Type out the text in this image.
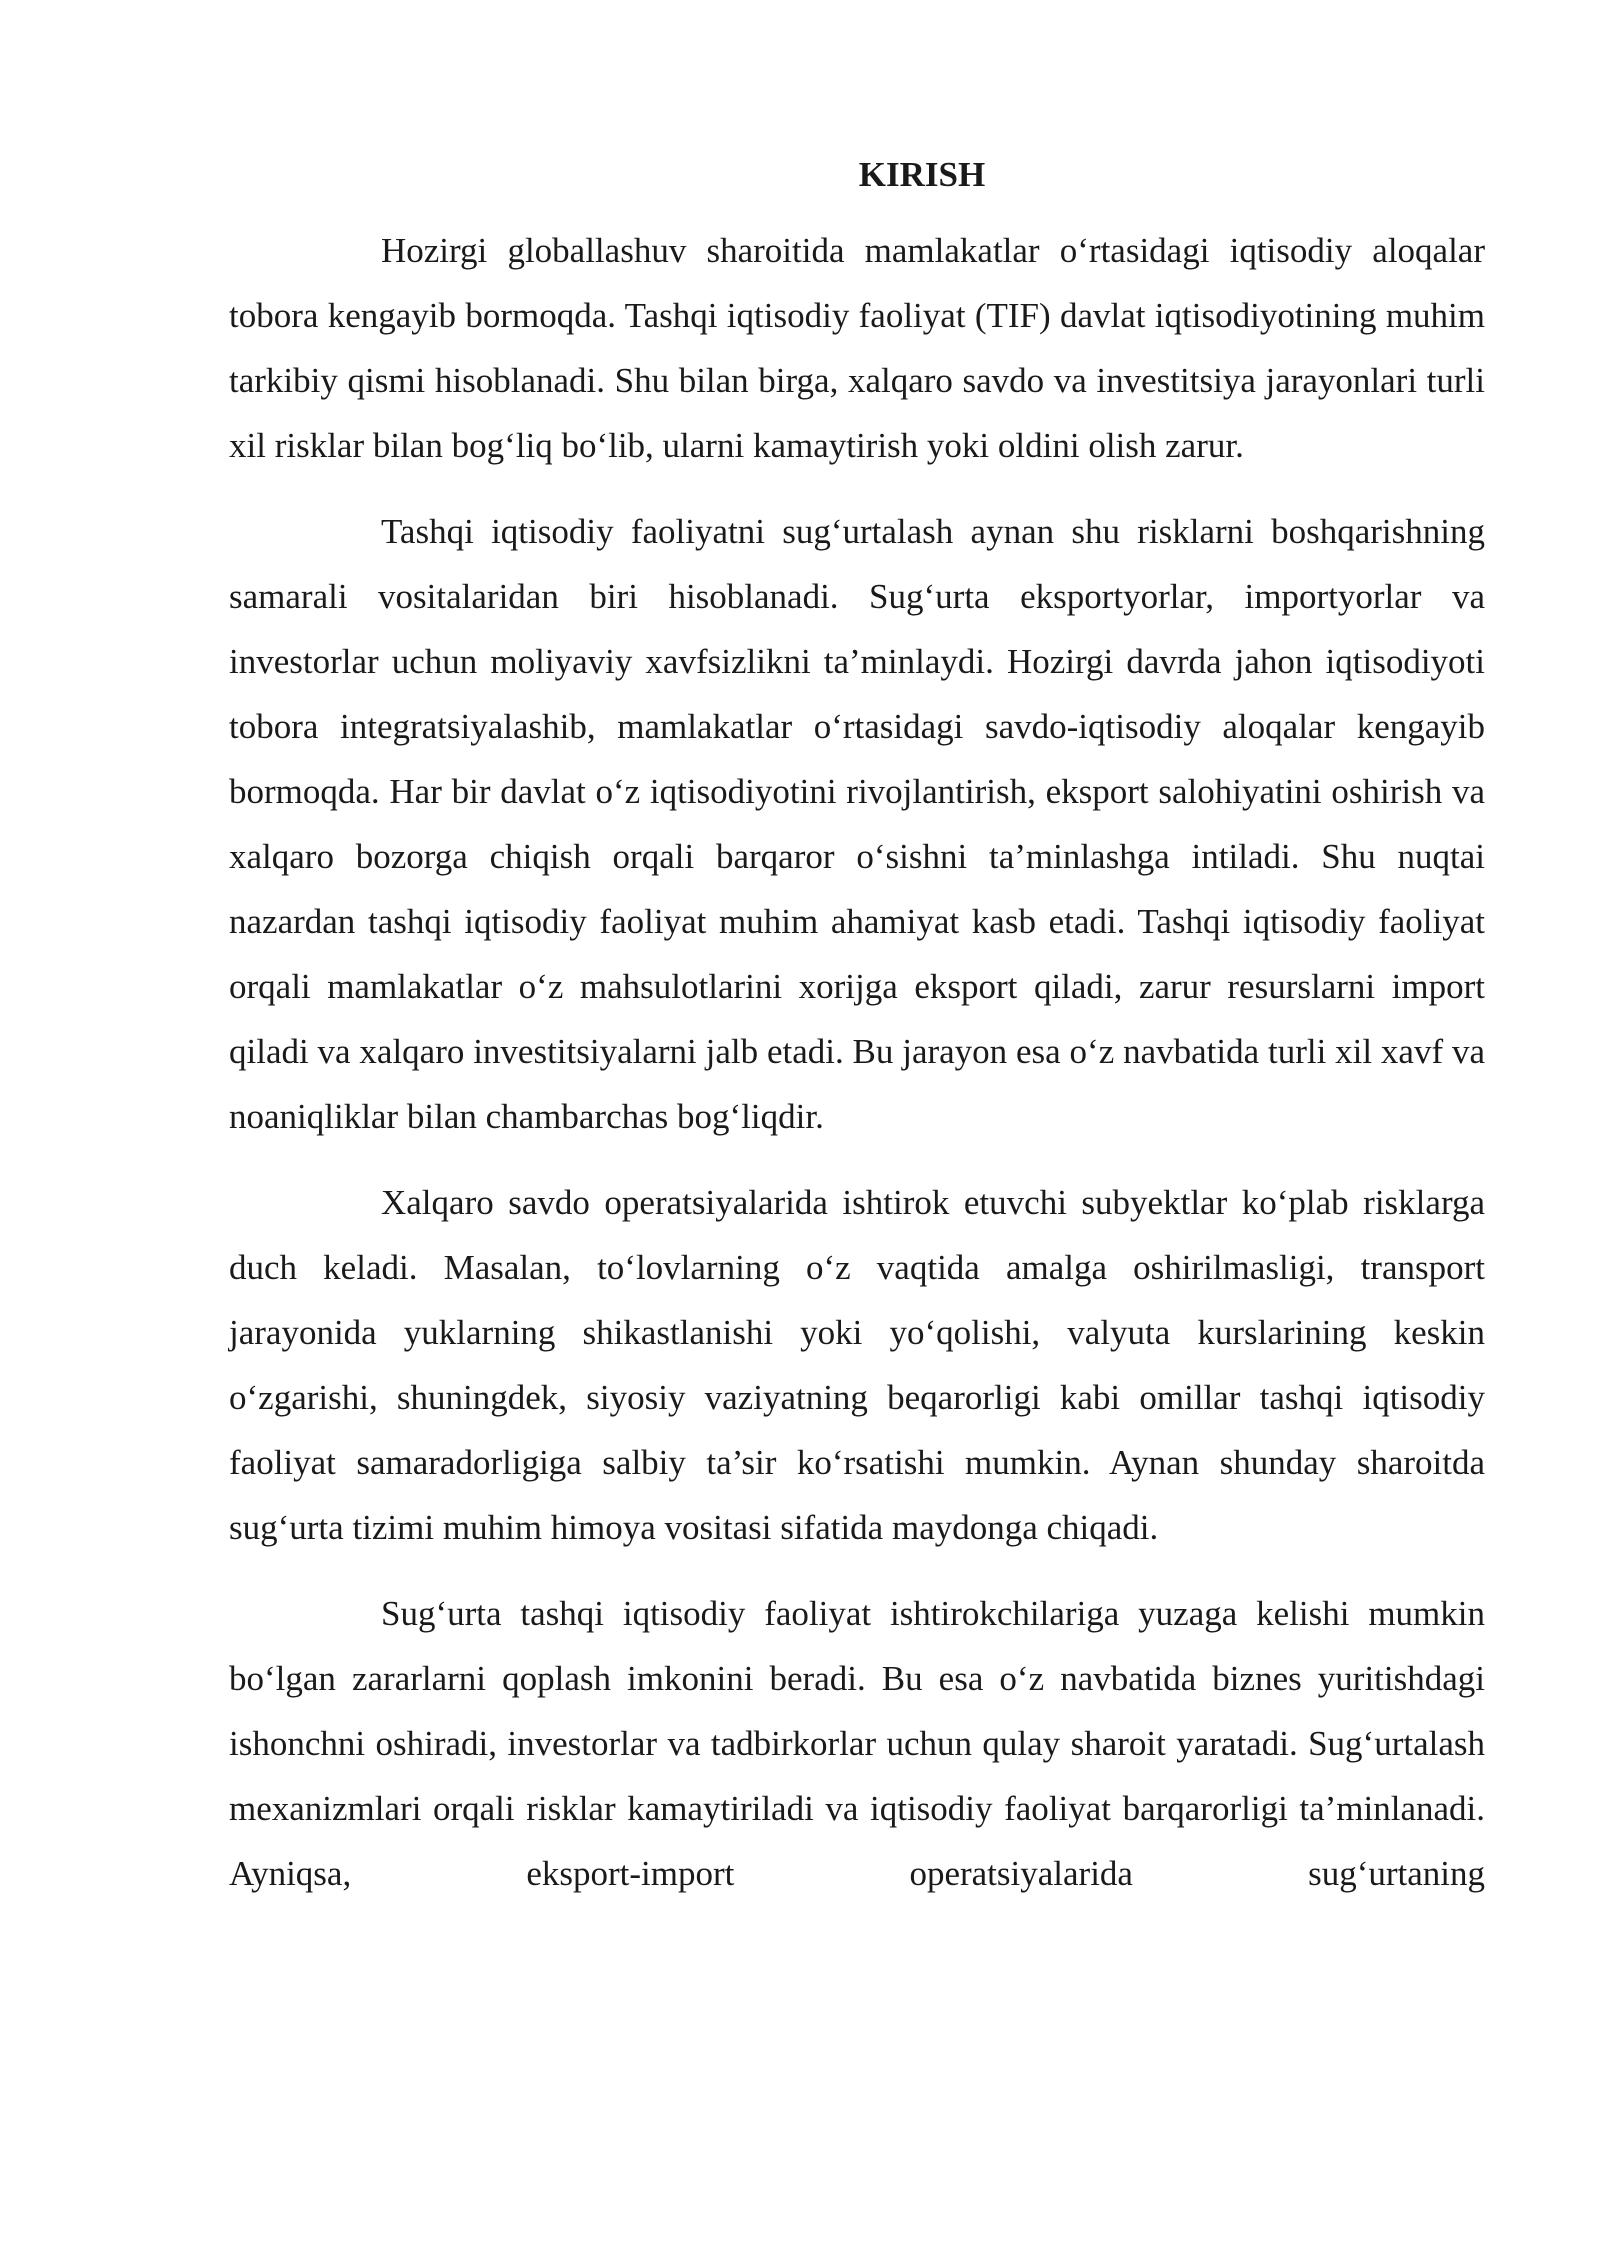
KIRISH

Hozirgi globallashuv sharoitida mamlakatlar o‘rtasidagi iqtisodiy aloqalar tobora kengayib bormoqda. Tashqi iqtisodiy faoliyat (TIF) davlat iqtisodiyotining muhim tarkibiy qismi hisoblanadi. Shu bilan birga, xalqaro savdo va investitsiya jarayonlari turli xil risklar bilan bog‘liq bo‘lib, ularni kamaytirish yoki oldini olish zarur.

Tashqi iqtisodiy faoliyatni sug‘urtalash aynan shu risklarni boshqarishning samarali vositalaridan biri hisoblanadi. Sug‘urta eksportyorlar, importyorlar va investorlar uchun moliyaviy xavfsizlikni ta’minlaydi. Hozirgi davrda jahon iqtisodiyoti tobora integratsiyalashib, mamlakatlar o‘rtasidagi savdo-iqtisodiy aloqalar kengayib bormoqda. Har bir davlat o‘z iqtisodiyotini rivojlantirish, eksport salohiyatini oshirish va xalqaro bozorga chiqish orqali barqaror o‘sishni ta’minlashga intiladi. Shu nuqtai nazardan tashqi iqtisodiy faoliyat muhim ahamiyat kasb etadi. Tashqi iqtisodiy faoliyat orqali mamlakatlar o‘z mahsulotlarini xorijga eksport qiladi, zarur resurslarni import qiladi va xalqaro investitsiyalarni jalb etadi. Bu jarayon esa o‘z navbatida turli xil xavf va noaniqliklar bilan chambarchas bog‘liqdir.

Xalqaro savdo operatsiyalarida ishtirok etuvchi subyektlar ko‘plab risklarga duch keladi. Masalan, to‘lovlarning o‘z vaqtida amalga oshirilmasligi, transport jarayonida yuklarning shikastlanishi yoki yo‘qolishi, valyuta kurslarining keskin o‘zgarishi, shuningdek, siyosiy vaziyatning beqarorligi kabi omillar tashqi iqtisodiy faoliyat samaradorligiga salbiy ta’sir ko‘rsatishi mumkin. Aynan shunday sharoitda sug‘urta tizimi muhim himoya vositasi sifatida maydonga chiqadi.

Sug‘urta tashqi iqtisodiy faoliyat ishtirokchilariga yuzaga kelishi mumkin bo‘lgan zararlarni qoplash imkonini beradi. Bu esa o‘z navbatida biznes yuritishdagi ishonchni oshiradi, investorlar va tadbirkorlar uchun qulay sharoit yaratadi. Sug‘urtalash mexanizmlari orqali risklar kamaytiriladi va iqtisodiy faoliyat barqarorligi ta’minlanadi. Ayniqsa, eksport-import operatsiyalarida sug‘urtaning
